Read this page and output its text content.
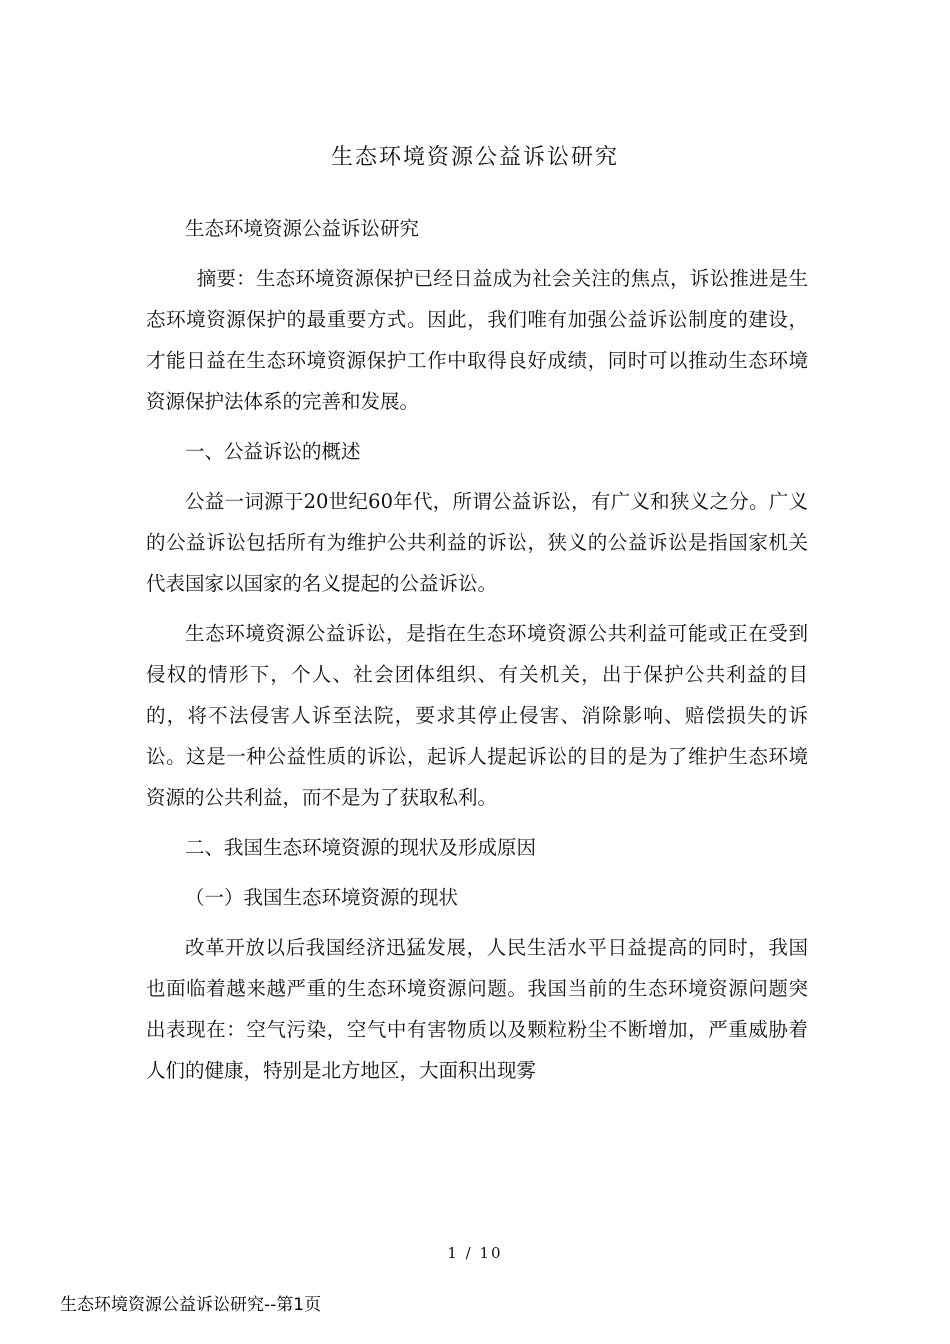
生态环境资源公益诉讼研究

生态环境资源公益诉讼研究

摘要：生态环境资源保护已经日益成为社会关注的焦点，诉讼推进是生态环境资源保护的最重要方式。因此，我们唯有加强公益诉讼制度的建设，才能日益在生态环境资源保护工作中取得良好成绩，同时可以推动生态环境资源保护法体系的完善和发展。

一、公益诉讼的概述

公益一词源于20世纪60年代，所谓公益诉讼，有广义和狭义之分。广义的公益诉讼包括所有为维护公共利益的诉讼，狭义的公益诉讼是指国家机关代表国家以国家的名义提起的公益诉讼。

生态环境资源公益诉讼，是指在生态环境资源公共利益可能或正在受到侵权的情形下，个人、社会团体组织、有关机关，出于保护公共利益的目的，将不法侵害人诉至法院，要求其停止侵害、消除影响、赔偿损失的诉讼。这是一种公益性质的诉讼，起诉人提起诉讼的目的是为了维护生态环境资源的公共利益，而不是为了获取私利。

二、我国生态环境资源的现状及形成原因

（一）我国生态环境资源的现状

改革开放以后我国经济迅猛发展，人民生活水平日益提高的同时，我国也面临着越来越严重的生态环境资源问题。我国当前的生态环境资源问题突出表现在：空气污染，空气中有害物质以及颗粒粉尘不断增加，严重威胁着人们的健康，特别是北方地区，大面积出现雾

1 / 10
生态环境资源公益诉讼研究--第1页
